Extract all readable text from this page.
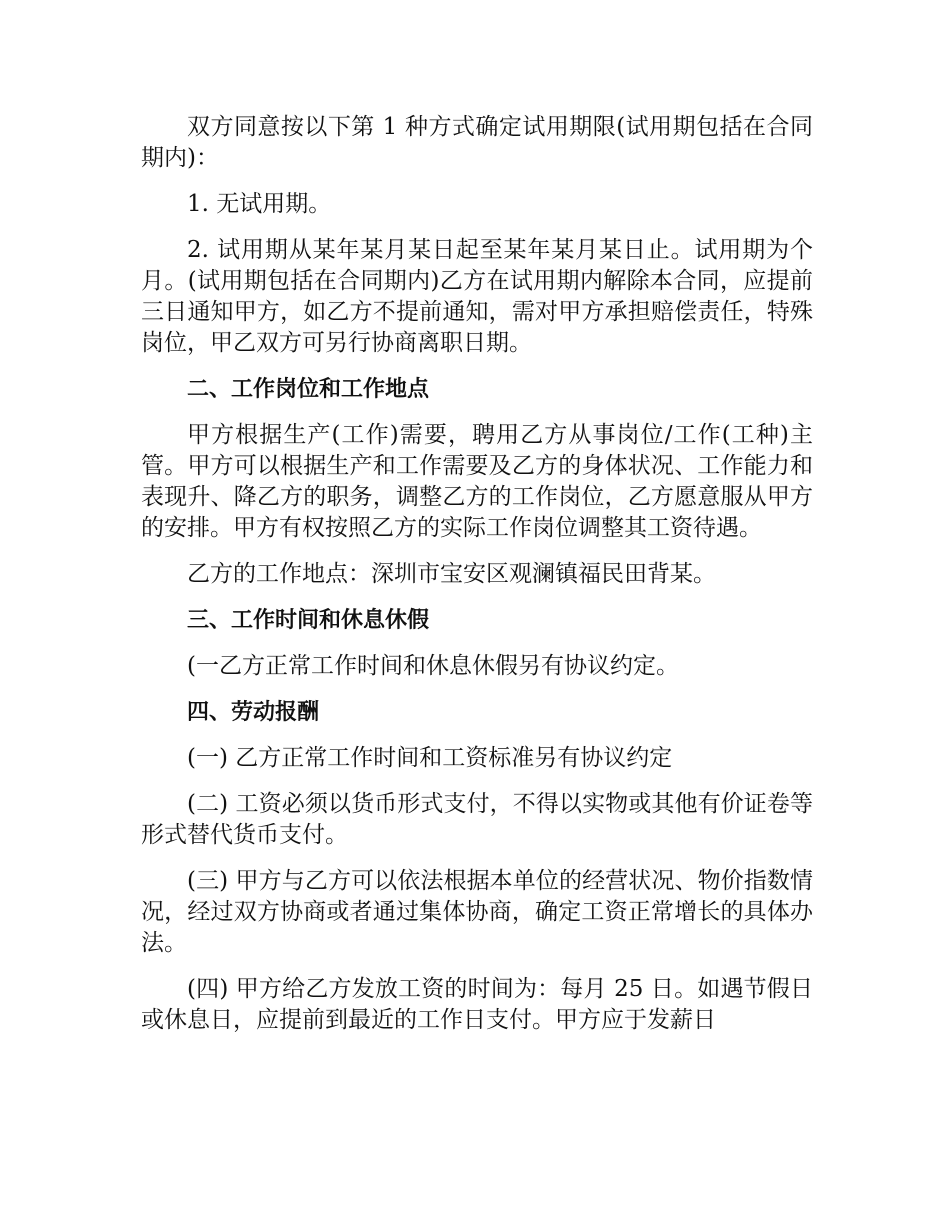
双方同意按以下第 1 种方式确定试用期限(试用期包括在合同期内)：

1. 无试用期。

2. 试用期从某年某月某日起至某年某月某日止。试用期为个月。(试用期包括在合同期内)乙方在试用期内解除本合同，应提前三日通知甲方，如乙方不提前通知，需对甲方承担赔偿责任，特殊岗位，甲乙双方可另行协商离职日期。

二、工作岗位和工作地点

甲方根据生产(工作)需要，聘用乙方从事岗位/工作(工种)主管。甲方可以根据生产和工作需要及乙方的身体状况、工作能力和表现升、降乙方的职务，调整乙方的工作岗位，乙方愿意服从甲方的安排。甲方有权按照乙方的实际工作岗位调整其工资待遇。

乙方的工作地点：深圳市宝安区观澜镇福民田背某。

三、工作时间和休息休假

(一乙方正常工作时间和休息休假另有协议约定。

四、劳动报酬

(一) 乙方正常工作时间和工资标准另有协议约定

(二) 工资必须以货币形式支付，不得以实物或其他有价证卷等形式替代货币支付。

(三) 甲方与乙方可以依法根据本单位的经营状况、物价指数情况，经过双方协商或者通过集体协商，确定工资正常增长的具体办法。

(四) 甲方给乙方发放工资的时间为：每月 25 日。如遇节假日或休息日，应提前到最近的工作日支付。甲方应于发薪日
